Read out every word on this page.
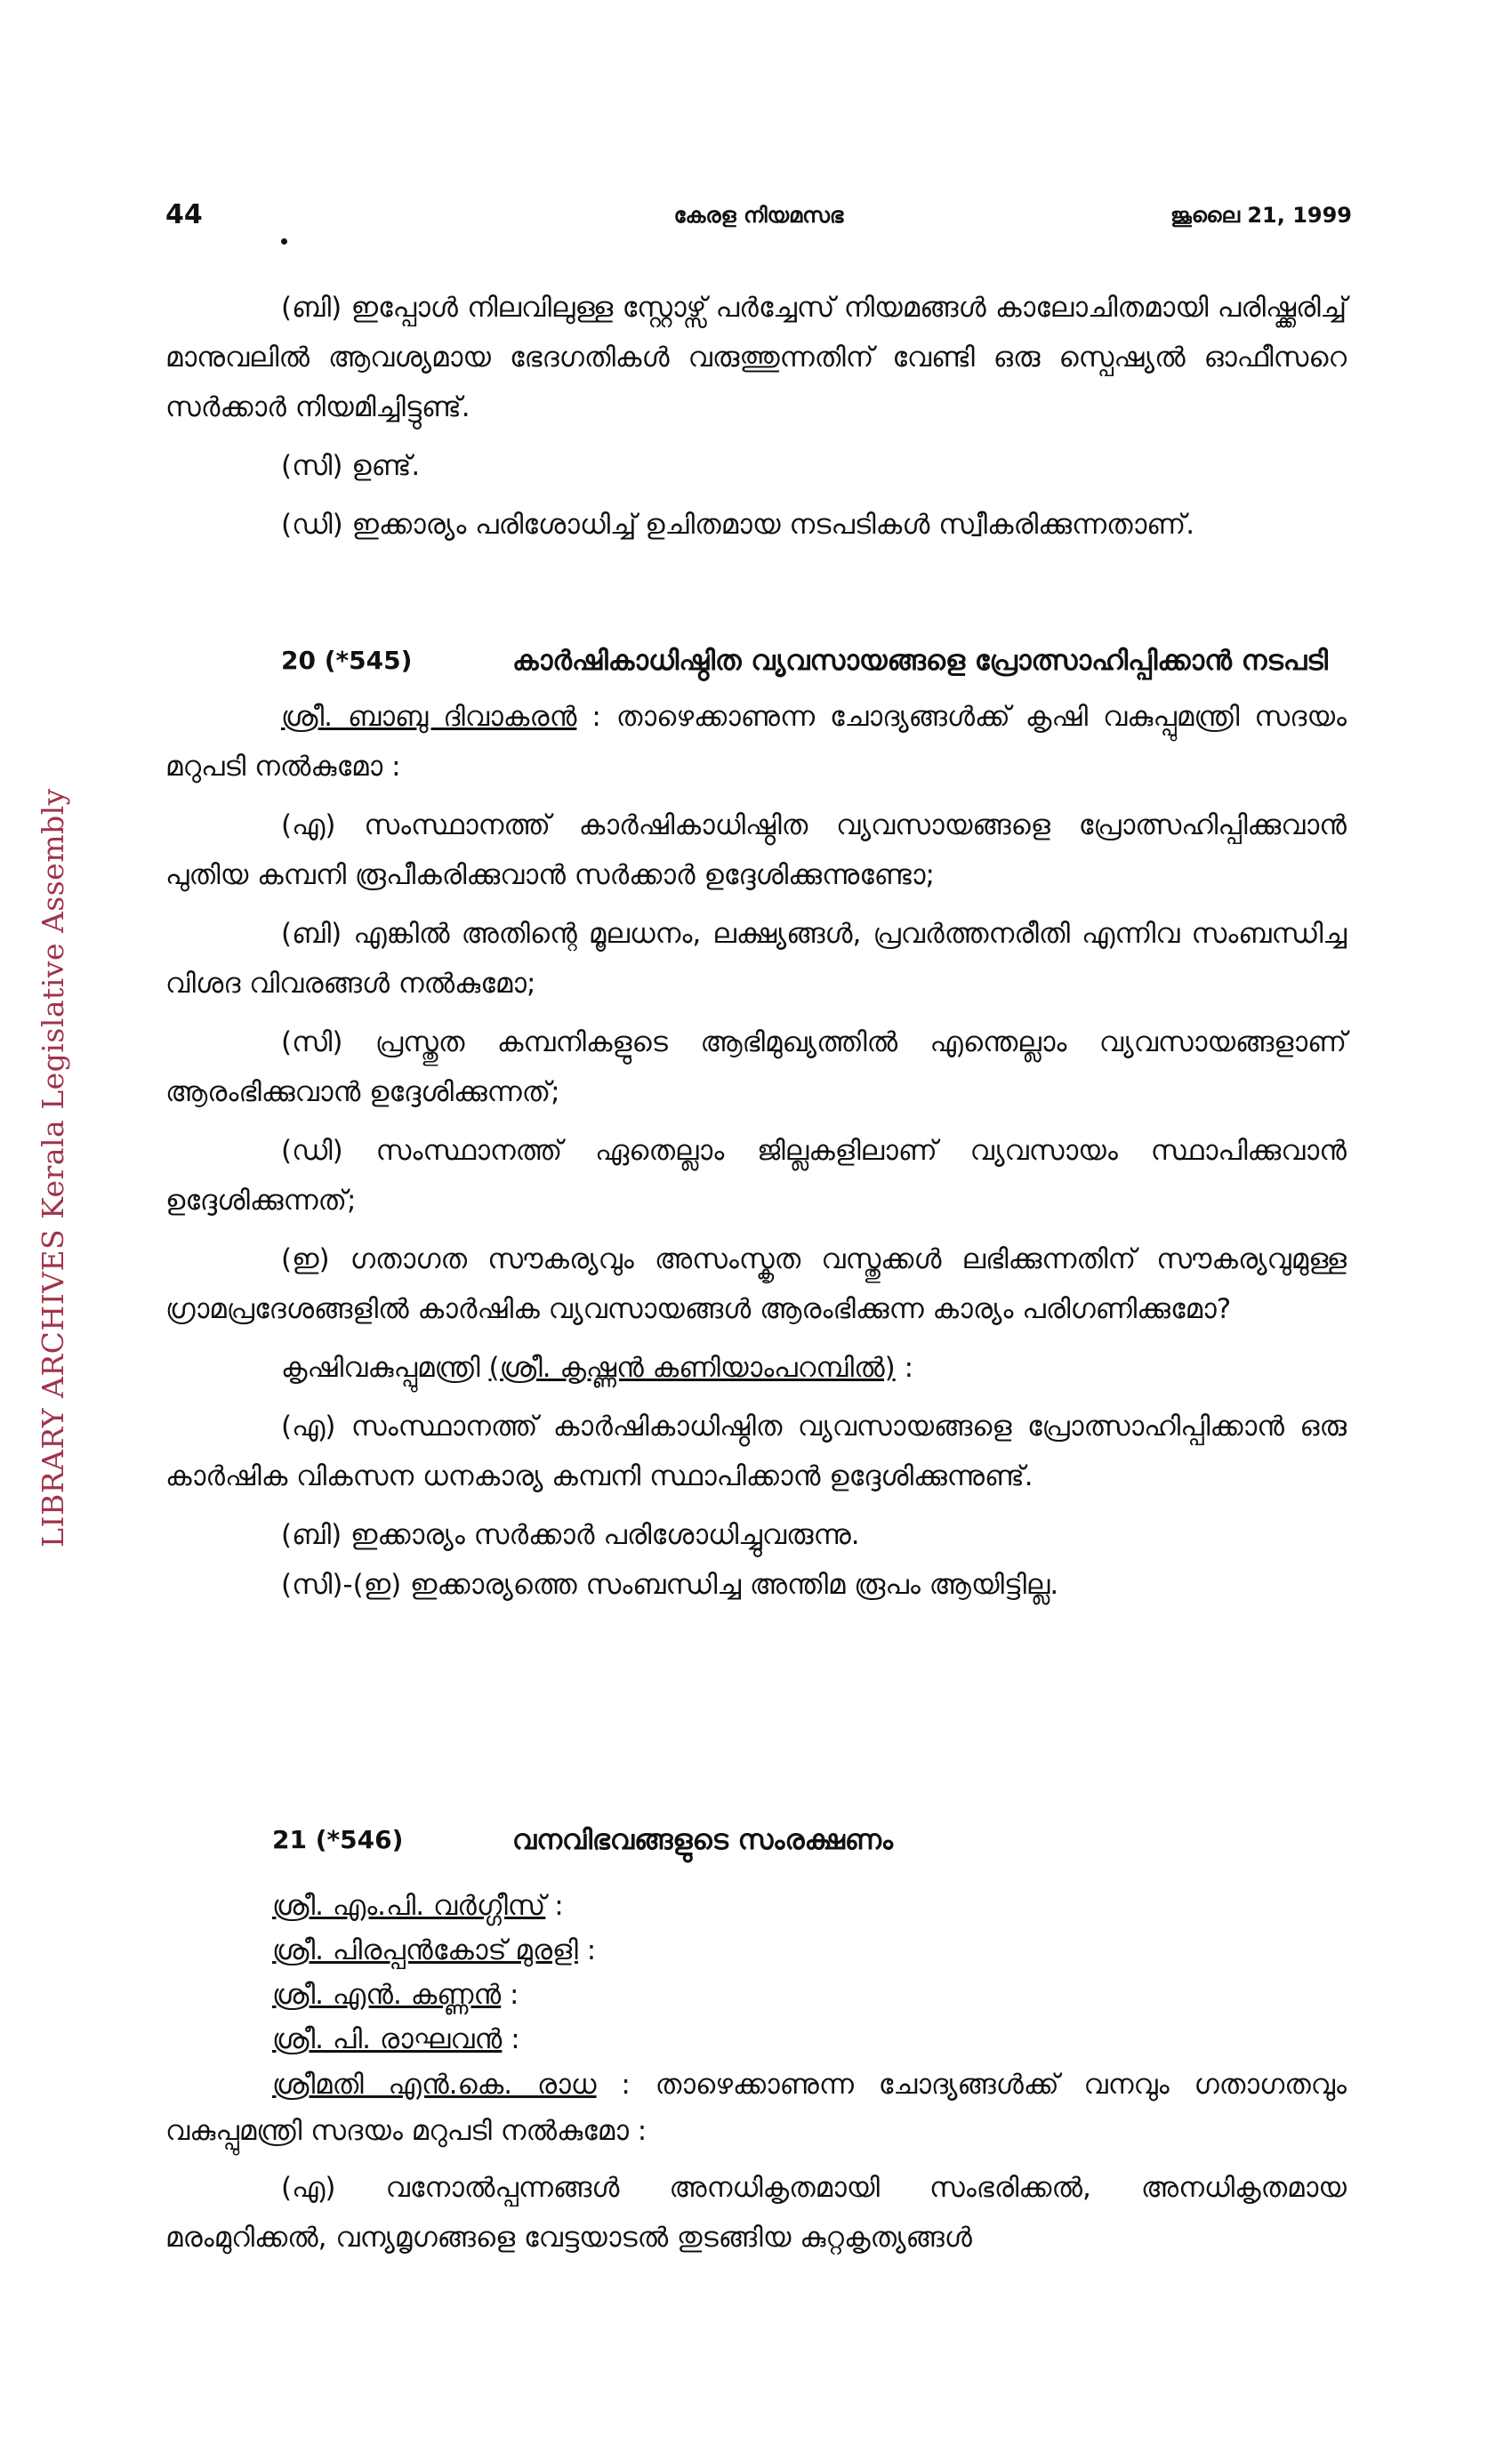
44	കേരള നിയമസഭ	ജൂലൈ 21, 1999
LIBRARY ARCHIVES Kerala Legislative Assembly

(ബി) ഇപ്പോൾ നിലവിലുള്ള സ്റ്റോഴ്സ് പർച്ചേസ് നിയമങ്ങൾ കാലോചിതമായി പരിഷ്ക്കരിച്ച് മാനുവലിൽ ആവശ്യമായ ഭേദഗതികൾ വരുത്തുന്നതിന് വേണ്ടി ഒരു സ്പെഷ്യൽ ഓഫീസറെ സർക്കാർ നിയമിച്ചിട്ടുണ്ട്.

(സി) ഉണ്ട്.

(ഡി) ഇക്കാര്യം പരിശോധിച്ച് ഉചിതമായ നടപടികൾ സ്വീകരിക്കുന്നതാണ്.

20 (*545)	കാർഷികാധിഷ്ഠിത വ്യവസായങ്ങളെ പ്രോത്സാഹിപ്പിക്കാൻ നടപടി

ശ്രീ. ബാബു ദിവാകരൻ : താഴെക്കാണുന്ന ചോദ്യങ്ങൾക്ക് കൃഷി വകുപ്പുമന്ത്രി സദയം മറുപടി നൽകുമോ :

(എ) സംസ്ഥാനത്ത് കാർഷികാധിഷ്ഠിത വ്യവസായങ്ങളെ പ്രോത്സഹിപ്പിക്കുവാൻ പുതിയ കമ്പനി രൂപീകരിക്കുവാൻ സർക്കാർ ഉദ്ദേശിക്കുന്നുണ്ടോ;

(ബി) എങ്കിൽ അതിന്റെ മൂലധനം, ലക്ഷ്യങ്ങൾ, പ്രവർത്തനരീതി എന്നിവ സംബന്ധിച്ച വിശദ വിവരങ്ങൾ നൽകുമോ;

(സി) പ്രസ്തുത കമ്പനികളുടെ ആഭിമുഖ്യത്തിൽ എന്തെല്ലാം വ്യവസായങ്ങളാണ് ആരംഭിക്കുവാൻ ഉദ്ദേശിക്കുന്നത്;

(ഡി) സംസ്ഥാനത്ത് ഏതെല്ലാം ജില്ലകളിലാണ് വ്യവസായം സ്ഥാപിക്കുവാൻ ഉദ്ദേശിക്കുന്നത്;

(ഇ) ഗതാഗത സൗകര്യവും അസംസ്കൃത വസ്തുക്കൾ ലഭിക്കുന്നതിന് സൗകര്യവുമുള്ള ഗ്രാമപ്രദേശങ്ങളിൽ കാർഷിക വ്യവസായങ്ങൾ ആരംഭിക്കുന്ന കാര്യം പരിഗണിക്കുമോ?

കൃഷിവകുപ്പുമന്ത്രി (ശ്രീ. കൃഷ്ണൻ കണിയാംപറമ്പിൽ) :

(എ) സംസ്ഥാനത്ത് കാർഷികാധിഷ്ഠിത വ്യവസായങ്ങളെ പ്രോത്സാഹിപ്പിക്കാൻ ഒരു കാർഷിക വികസന ധനകാര്യ കമ്പനി സ്ഥാപിക്കാൻ ഉദ്ദേശിക്കുന്നുണ്ട്.

(ബി) ഇക്കാര്യം സർക്കാർ പരിശോധിച്ചുവരുന്നു.

(സി)-(ഇ) ഇക്കാര്യത്തെ സംബന്ധിച്ച അന്തിമ രൂപം ആയിട്ടില്ല.

21 (*546)	വനവിഭവങ്ങളുടെ സംരക്ഷണം
ശ്രീ. എം.പി. വർഗ്ഗീസ് :
ശ്രീ. പിരപ്പൻകോട് മുരളി :
ശ്രീ. എൻ. കണ്ണൻ :
ശ്രീ. പി. രാഘവൻ :

ശ്രീമതി എൻ.കെ. രാധ : താഴെക്കാണുന്ന ചോദ്യങ്ങൾക്ക് വനവും ഗതാഗതവും വകുപ്പുമന്ത്രി സദയം മറുപടി നൽകുമോ :

(എ) വനോൽപ്പന്നങ്ങൾ അനധികൃതമായി സംഭരിക്കൽ, അനധികൃതമായ മരംമുറിക്കൽ, വന്യമൃഗങ്ങളെ വേട്ടയാടൽ തുടങ്ങിയ കുറ്റകൃത്യങ്ങൾ
